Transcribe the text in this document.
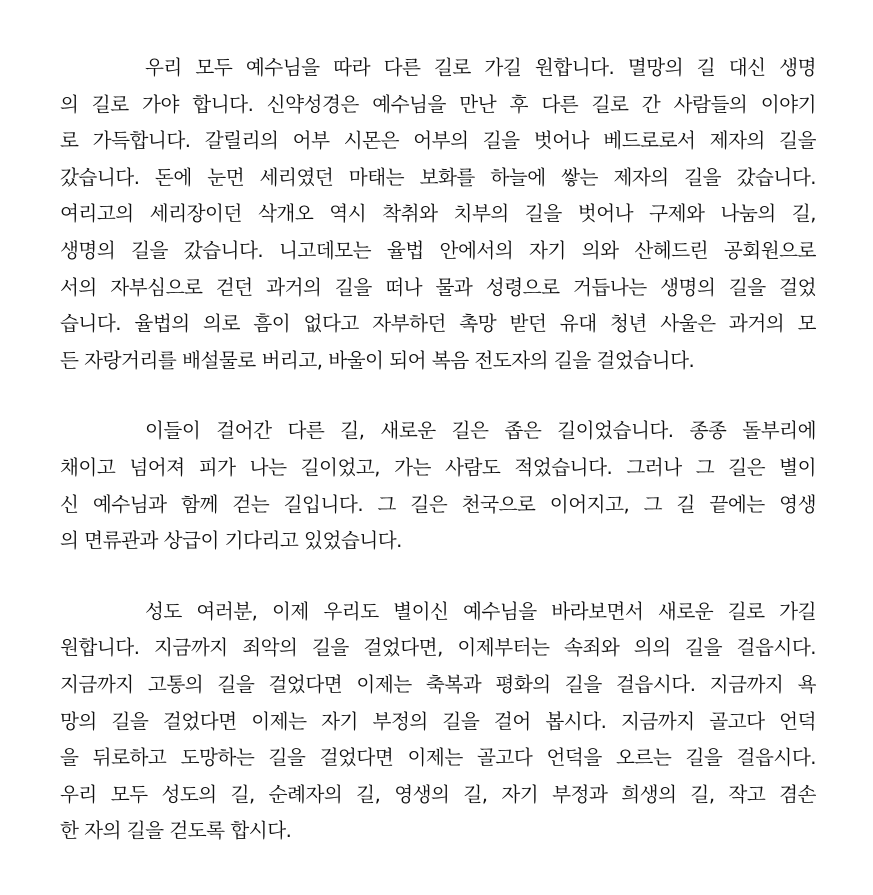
우리 모두 예수님을 따라 다른 길로 가길 원합니다. 멸망의 길 대신 생명
의 길로 가야 합니다. 신약성경은 예수님을 만난 후 다른 길로 간 사람들의 이야기
로 가득합니다. 갈릴리의 어부 시몬은 어부의 길을 벗어나 베드로로서 제자의 길을
갔습니다. 돈에 눈먼 세리였던 마태는 보화를 하늘에 쌓는 제자의 길을 갔습니다.
여리고의 세리장이던 삭개오 역시 착취와 치부의 길을 벗어나 구제와 나눔의 길,
생명의 길을 갔습니다. 니고데모는 율법 안에서의 자기 의와 산헤드린 공회원으로
서의 자부심으로 걷던 과거의 길을 떠나 물과 성령으로 거듭나는 생명의 길을 걸었
습니다. 율법의 의로 흠이 없다고 자부하던 촉망 받던 유대 청년 사울은 과거의 모
든 자랑거리를 배설물로 버리고, 바울이 되어 복음 전도자의 길을 걸었습니다.
이들이 걸어간 다른 길, 새로운 길은 좁은 길이었습니다. 종종 돌부리에
채이고 넘어져 피가 나는 길이었고, 가는 사람도 적었습니다. 그러나 그 길은 별이
신 예수님과 함께 걷는 길입니다. 그 길은 천국으로 이어지고, 그 길 끝에는 영생
의 면류관과 상급이 기다리고 있었습니다.
성도 여러분, 이제 우리도 별이신 예수님을 바라보면서 새로운 길로 가길
원합니다. 지금까지 죄악의 길을 걸었다면, 이제부터는 속죄와 의의 길을 걸읍시다.
지금까지 고통의 길을 걸었다면 이제는 축복과 평화의 길을 걸읍시다. 지금까지 욕
망의 길을 걸었다면 이제는 자기 부정의 길을 걸어 봅시다. 지금까지 골고다 언덕
을 뒤로하고 도망하는 길을 걸었다면 이제는 골고다 언덕을 오르는 길을 걸읍시다.
우리 모두 성도의 길, 순례자의 길, 영생의 길, 자기 부정과 희생의 길, 작고 겸손
한 자의 길을 걷도록 합시다.
